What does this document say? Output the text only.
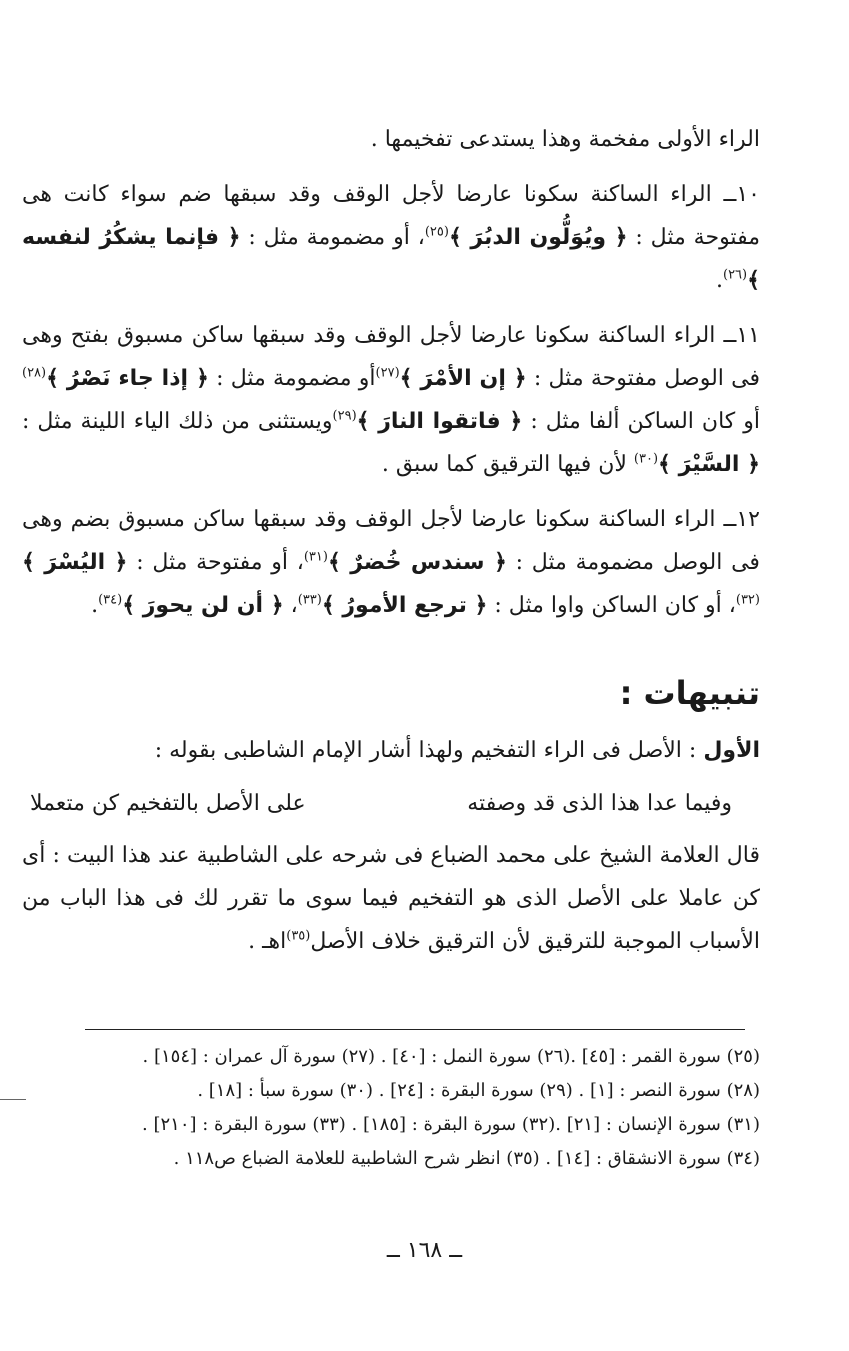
الراء الأولى مفخمة وهذا يستدعى تفخيمها .

١٠ــ الراء الساكنة سكونا عارضا لأجل الوقف وقد سبقها ضم سواء كانت هى مفتوحة مثل : ﴿ ويُوَلُّون الدبُرَ ﴾$^{(٢٥)}$، أو مضمومة مثل : ﴿ فإنما يشكُرُ لنفسه ﴾$^{(٢٦)}$.

١١ــ الراء الساكنة سكونا عارضا لأجل الوقف وقد سبقها ساكن مسبوق بفتح وهى فى الوصل مفتوحة مثل : ﴿ إن الأمْرَ ﴾$^{(٢٧)}$أو مضمومة مثل : ﴿ إذا جاء نَصْرُ ﴾$^{(٢٨)}$ أو كان الساكن ألفا مثل : ﴿ فاتقوا النارَ ﴾$^{(٢٩)}$ويستثنى من ذلك الياء اللينة مثل : ﴿ السَّيْرَ ﴾$^{(٣٠)}$ لأن فيها الترقيق كما سبق .

١٢ــ الراء الساكنة سكونا عارضا لأجل الوقف وقد سبقها ساكن مسبوق بضم وهى فى الوصل مضمومة مثل : ﴿ سندس خُضرٌ ﴾$^{(٣١)}$، أو مفتوحة مثل : ﴿ اليُسْرَ ﴾$^{(٣٢)}$، أو كان الساكن واوا مثل : ﴿ ترجع الأمورُ ﴾$^{(٣٣)}$، ﴿ أن لن يحورَ ﴾$^{(٣٤)}$.

تنبيهات :

الأول : الأصل فى الراء التفخيم ولهذا أشار الإمام الشاطبى بقوله :

وفيما عدا هذا الذى قد وصفته
على الأصل بالتفخيم كن متعملا

قال العلامة الشيخ على محمد الضباع فى شرحه على الشاطبية عند هذا البيت : أى كن عاملا على الأصل الذى هو التفخيم فيما سوى ما تقرر لك فى هذا الباب من الأسباب الموجبة للترقيق لأن الترقيق خلاف الأصل$^{(٣٥)}$اهـ .

(٢٥) سورة القمر : [٤٥] .(٢٦) سورة النمل : [٤٠] . (٢٧) سورة آل عمران : [١٥٤] .
(٢٨) سورة النصر : [١] . (٢٩) سورة البقرة : [٢٤] . (٣٠) سورة سبأ : [١٨] .
(٣١) سورة الإنسان : [٢١] .(٣٢) سورة البقرة : [١٨٥] . (٣٣) سورة البقرة : [٢١٠] .
(٣٤) سورة الانشقاق : [١٤] . (٣٥) انظر شرح الشاطبية للعلامة الضباع ص١١٨ .
ــ ١٦٨ ــ
